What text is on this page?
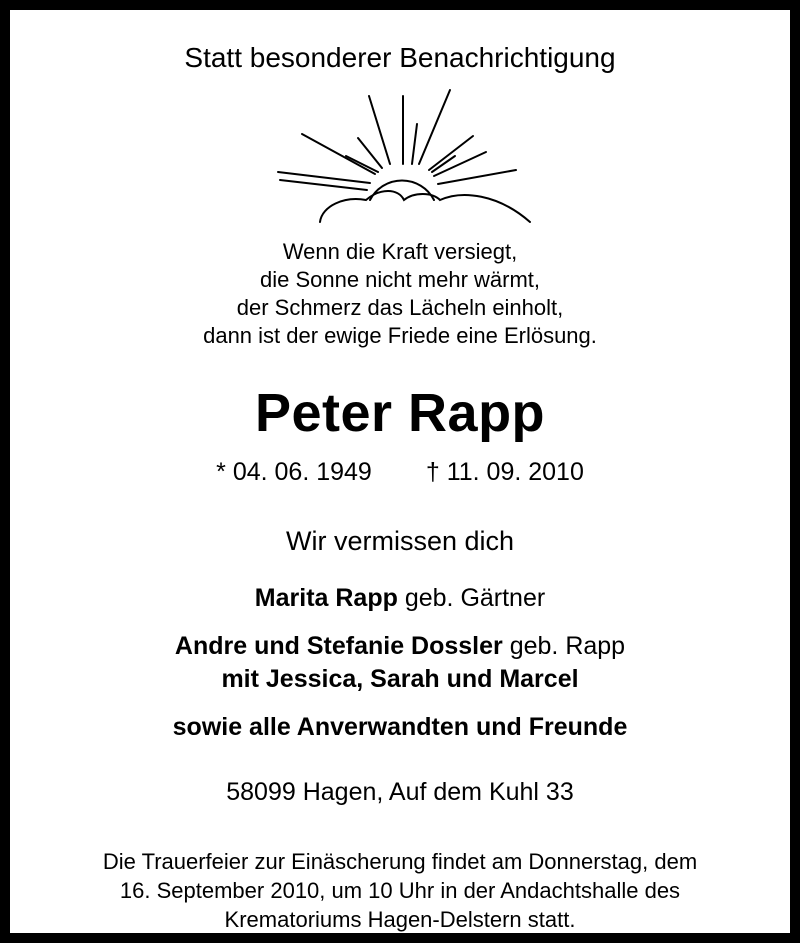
Statt besonderer Benachrichtigung
Wenn die Kraft versiegt,
die Sonne nicht mehr wärmt,
der Schmerz das Lächeln einholt,
dann ist der ewige Friede eine Erlösung.
Peter Rapp
* 04. 06. 1949 † 11. 09. 2010
Wir vermissen dich
Marita Rapp geb. Gärtner
Andre und Stefanie Dossler geb. Rapp
mit Jessica, Sarah und Marcel
sowie alle Anverwandten und Freunde
58099 Hagen, Auf dem Kuhl 33
Die Trauerfeier zur Einäscherung findet am Donnerstag, dem
16. September 2010, um 10 Uhr in der Andachtshalle des
Krematoriums Hagen-Delstern statt.
